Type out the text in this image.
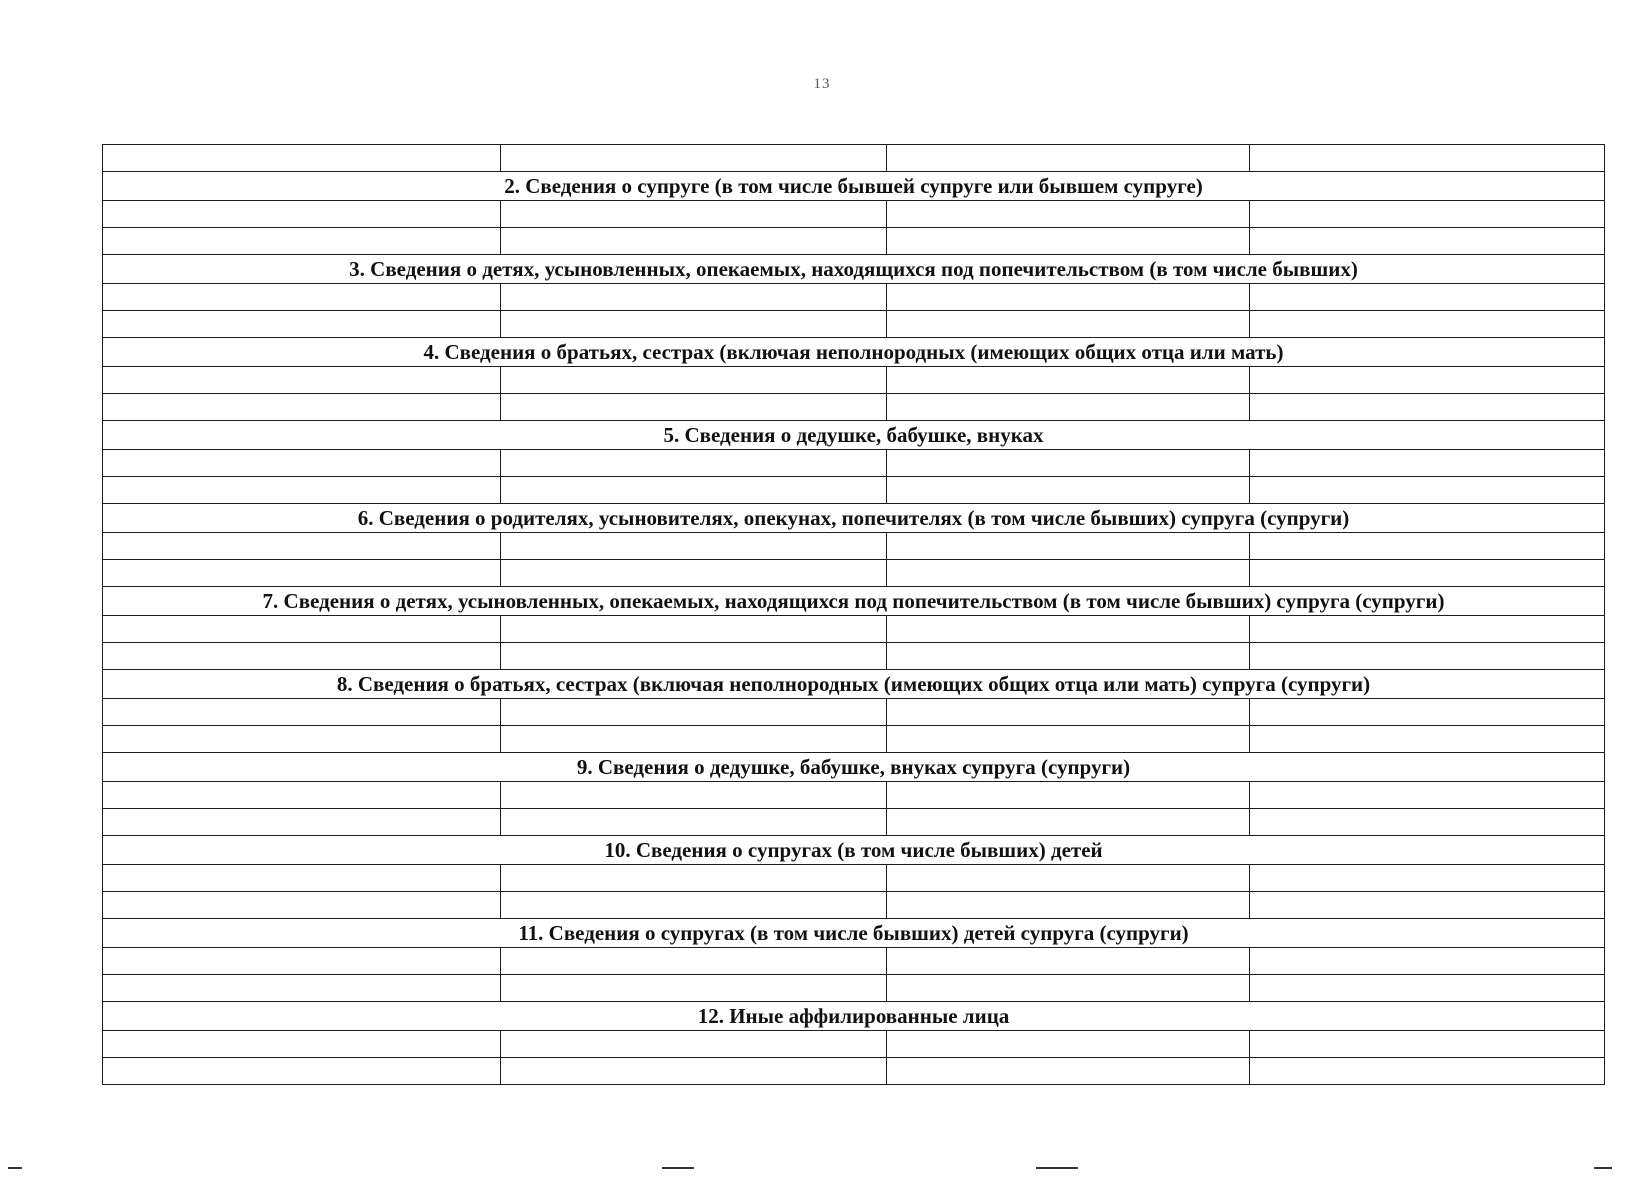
13

2. Сведения о супруге (в том числе бывшей супруге или бывшем супруге)			

3. Сведения о детях, усыновленных, опекаемых, находящихся под попечительством (в том числе бывших)			

4. Сведения о братьях, сестрах (включая неполнородных (имеющих общих отца или мать)			

5. Сведения о дедушке, бабушке, внуках			

6. Сведения о родителях, усыновителях, опекунах, попечителях (в том числе бывших) супруга (супруги)			

7. Сведения о детях, усыновленных, опекаемых, находящихся под попечительством (в том числе бывших) супруга (супруги)			

8. Сведения о братьях, сестрах (включая неполнородных (имеющих общих отца или мать) супруга (супруги)			

9. Сведения о дедушке, бабушке, внуках супруга (супруги)			

10. Сведения о супругах (в том числе бывших) детей			

11. Сведения о супругах (в том числе бывших) детей супруга (супруги)			

12. Иные аффилированные лица			
